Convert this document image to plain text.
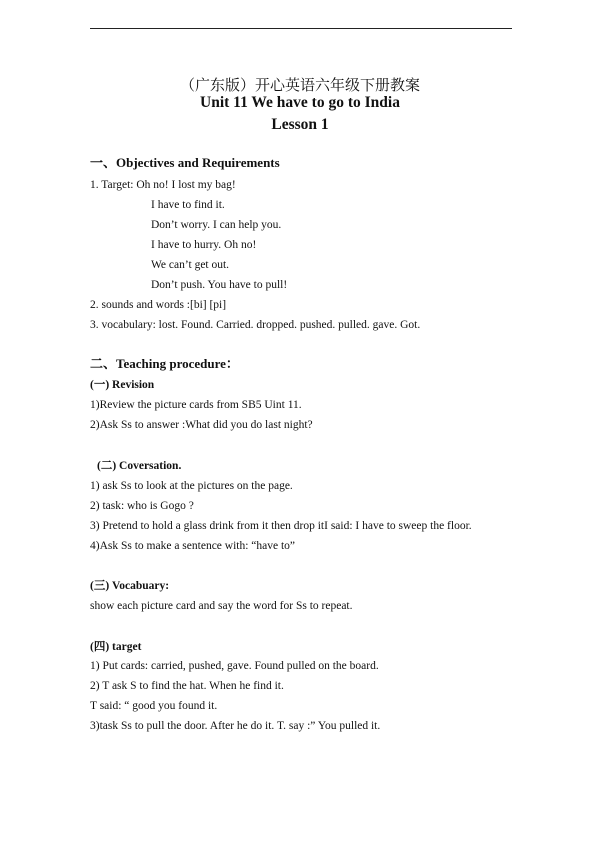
（广东版）开心英语六年级下册教案
Unit 11 We have to go to India
Lesson 1
一、Objectives and Requirements
1. Target: Oh no! I lost my bag!
I have to find it.
Don’t worry. I can help you.
I have to hurry. Oh no!
We can’t get out.
Don’t push. You have to pull!
2. sounds and words :[bi] [pi]
3. vocabulary: lost. Found. Carried. dropped. pushed. pulled. gave. Got.
二、Teaching procedure：
(一) Revision
1)Review the picture cards from SB5 Uint 11.
2)Ask Ss to answer :What did you do last night?
(二) Coversation.
1) ask Ss to look at the pictures on the page.
2) task: who is Gogo ?
3) Pretend to hold a glass drink from it then drop itI said: I have to sweep the floor.
4)Ask Ss to make a sentence with: “have to”
(三) Vocabuary:
show each picture card and say the word for Ss to repeat.
(四) target
1) Put cards: carried, pushed, gave. Found pulled on the board.
2) T ask S to find the hat. When he find it.
T said: “ good you found it.
3)task Ss to pull the door. After he do it. T. say :” You pulled it.
